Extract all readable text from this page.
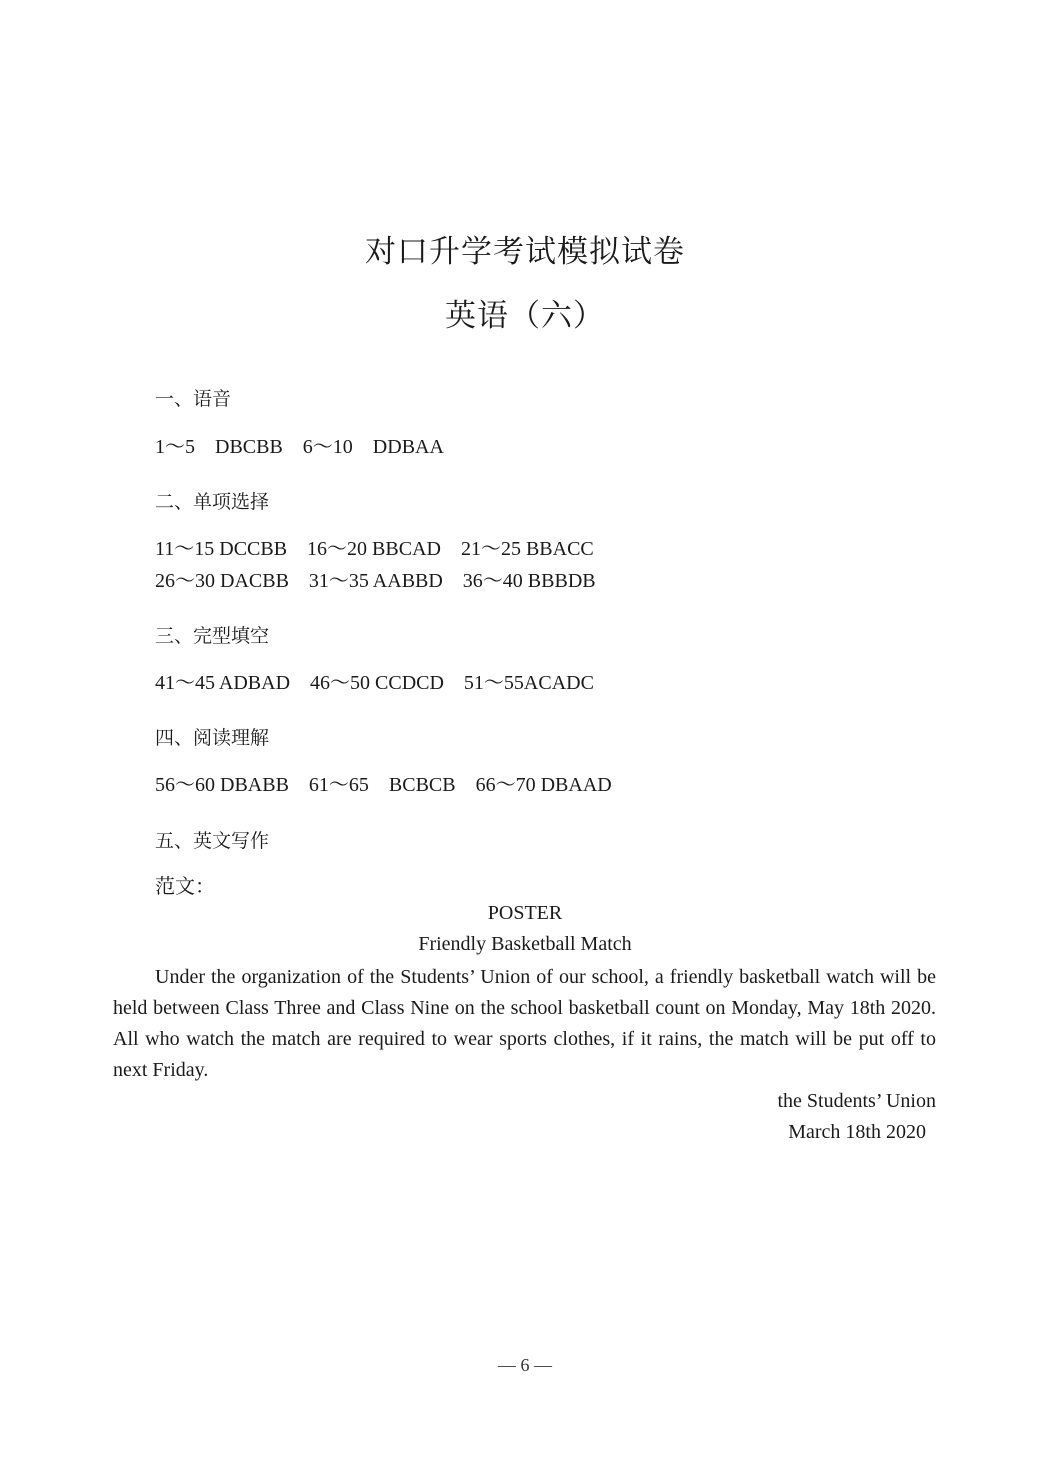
对口升学考试模拟试卷
英语（六）
一、语音
1～5　DBCBB　6～10　DDBAA
二、单项选择
11～15 DCCBB　16～20 BBCAD　21～25 BBACC
26～30 DACBB　31～35 AABBD　36～40 BBBDB
三、完型填空
41～45 ADBAD　46～50 CCDCD　51～55ACADC
四、阅读理解
56～60 DBABB　61～65　BCBCB　66～70 DBAAD
五、英文写作
范文：
POSTER
Friendly Basketball Match

Under the organization of the Students’ Union of our school, a friendly basketball watch will be held between Class Three and Class Nine on the school basketball count on Monday, May 18th 2020. All who watch the match are required to wear sports clothes, if it rains, the match will be put off to next Friday.

the Students’ Union
March 18th 2020
— 6 —
